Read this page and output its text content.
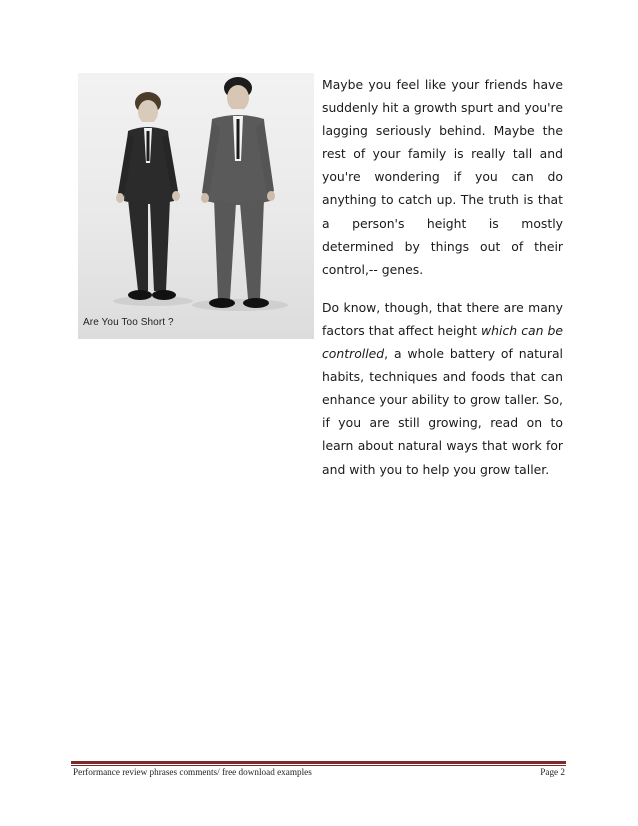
Are You Too Short ?

Maybe you feel like your friends have suddenly hit a growth spurt and you're lagging seriously behind. Maybe the rest of your family is really tall and you're wondering if you can do anything to catch up. The truth is that a person's height is mostly determined by things out of their control,-- genes.

Do know, though, that there are many factors that affect height which can be controlled, a whole battery of natural habits, techniques and foods that can enhance your ability to grow taller. So, if you are still growing, read on to learn about natural ways that work for and with you to help you grow taller.

Performance review phrases comments/ free download examples	Page 2
